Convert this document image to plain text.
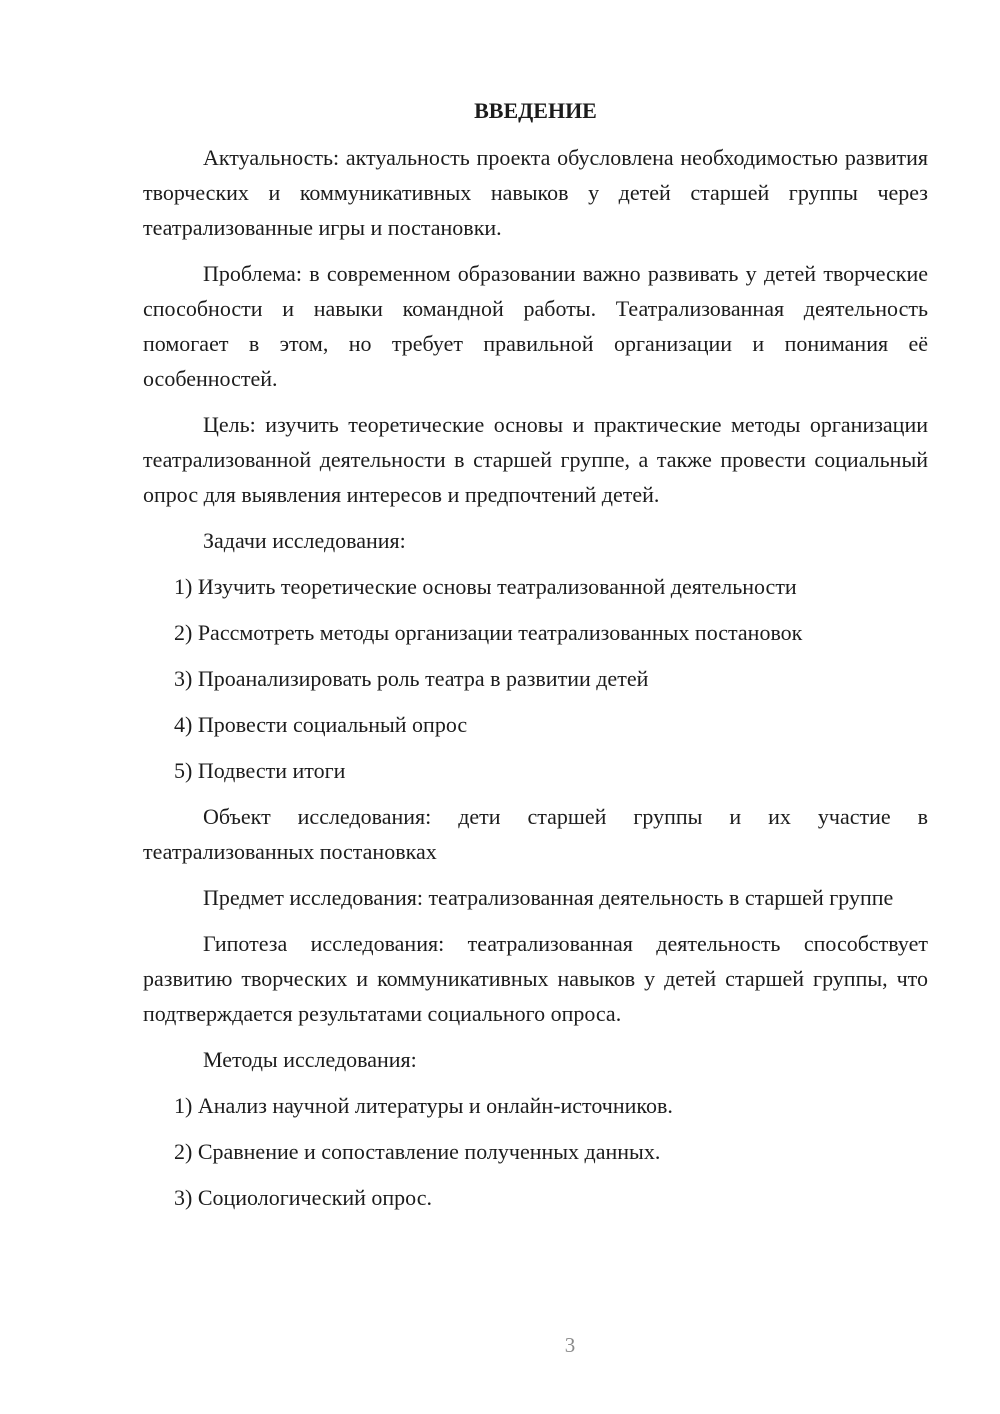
ВВЕДЕНИЕ

Актуальность: актуальность проекта обусловлена необходимостью развития творческих и коммуникативных навыков у детей старшей группы через театрализованные игры и постановки.

Проблема: в современном образовании важно развивать у детей творческие способности и навыки командной работы. Театрализованная деятельность помогает в этом, но требует правильной организации и понимания её особенностей.

Цель: изучить теоретические основы и практические методы организации театрализованной деятельности в старшей группе, а также провести социальный опрос для выявления интересов и предпочтений детей.

Задачи исследования:

1) Изучить теоретические основы театрализованной деятельности

2) Рассмотреть методы организации театрализованных постановок

3) Проанализировать роль театра в развитии детей

4) Провести социальный опрос

5) Подвести итоги

Объект исследования: дети старшей группы и их участие в театрализованных постановках

Предмет исследования: театрализованная деятельность в старшей группе

Гипотеза исследования: театрализованная деятельность способствует развитию творческих и коммуникативных навыков у детей старшей группы, что подтверждается результатами социального опроса.

Методы исследования:

1) Анализ научной литературы и онлайн-источников.

2) Сравнение и сопоставление полученных данных.

3) Социологический опрос.

3
